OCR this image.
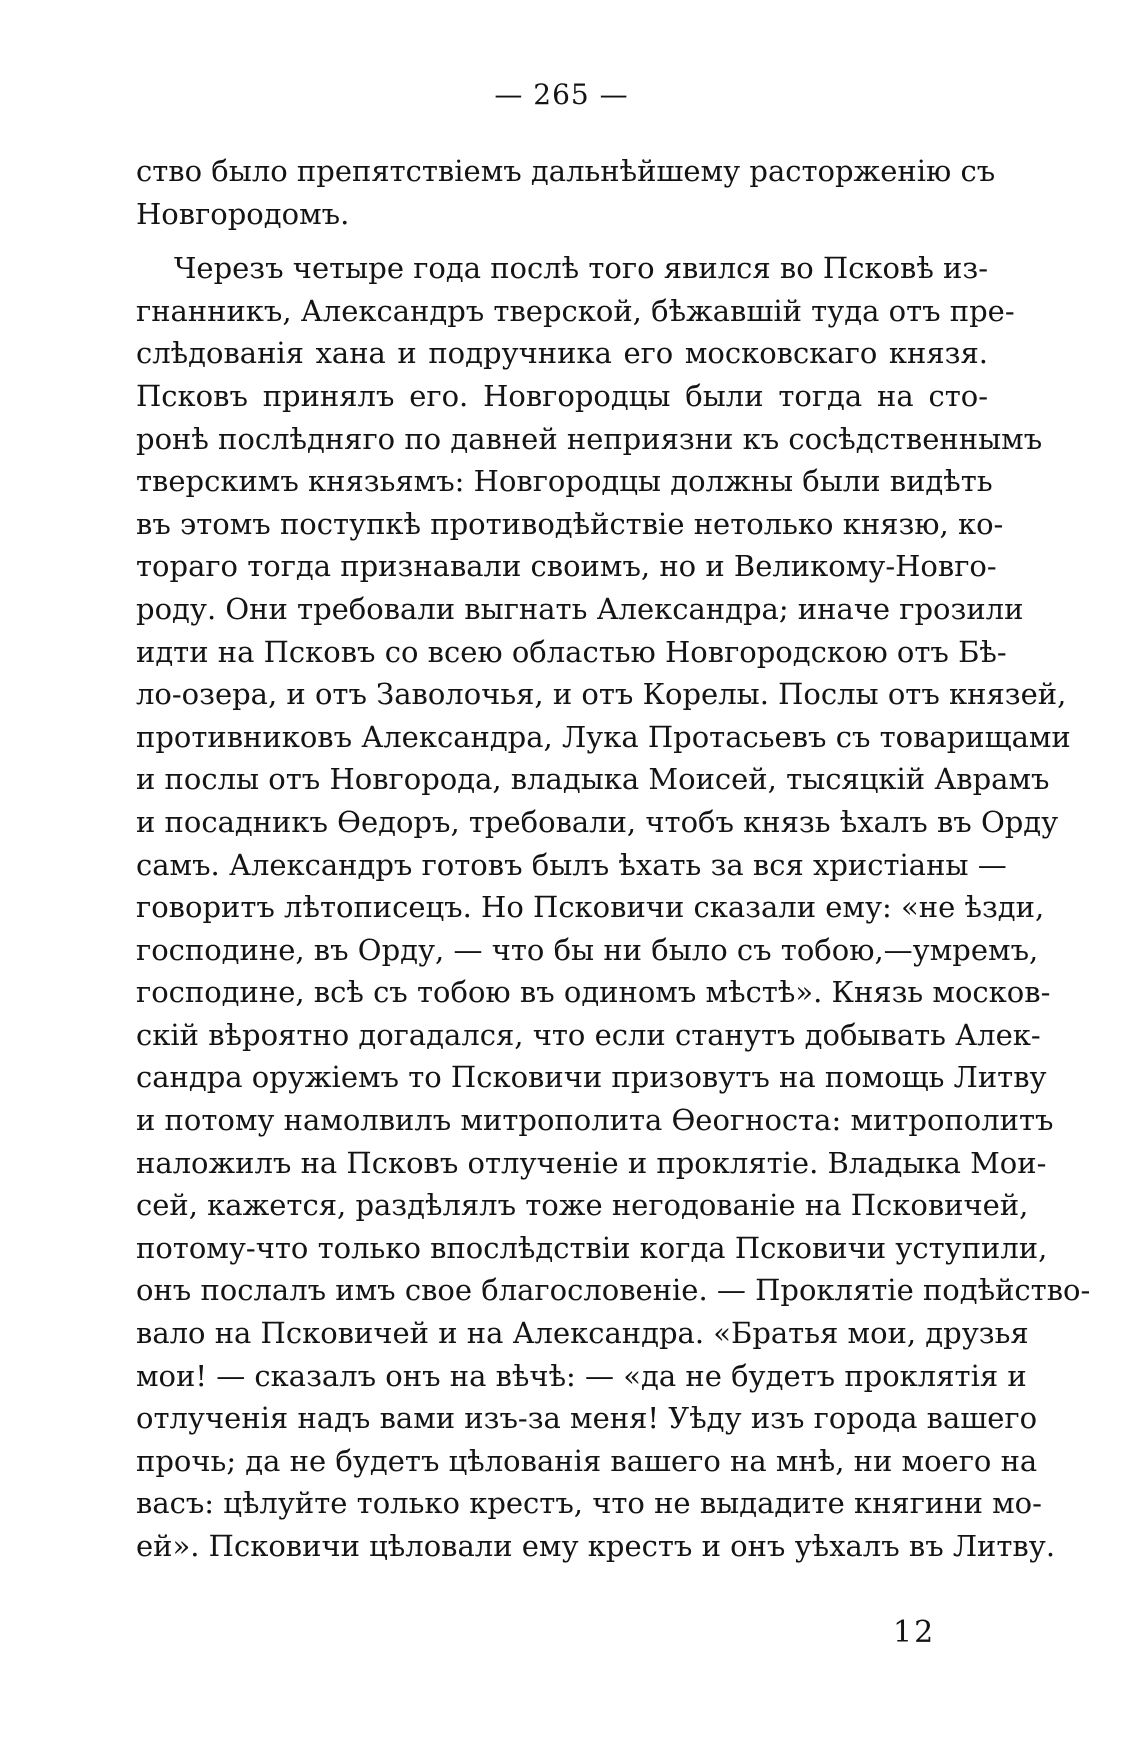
— 265 —
ство было препятствіемъ дальнѣйшему расторженію съ
Новгородомъ.
Черезъ четыре года послѣ того явился во Псковѣ из-
гнанникъ, Александръ тверской, бѣжавшій туда отъ пре-
слѣдованія хана и подручника его московскаго князя.
Псковъ принялъ его. Новгородцы были тогда на сто-
ронѣ послѣдняго по давней неприязни къ сосѣдственнымъ
тверскимъ князьямъ: Новгородцы должны были видѣть
въ этомъ поступкѣ противодѣйствіе нетолько князю, ко-
тораго тогда признавали своимъ, но и Великому-Новго-
роду. Они требовали выгнать Александра; иначе грозили
идти на Псковъ со всею областью Новгородскою отъ Бѣ-
ло-озера, и отъ Заволочья, и отъ Корелы. Послы отъ князей,
противниковъ Александра, Лука Протасьевъ съ товарищами
и послы отъ Новгорода, владыка Моисей, тысяцкій Аврамъ
и посадникъ Ѳедоръ, требовали, чтобъ князь ѣхалъ въ Орду
самъ. Александръ готовъ былъ ѣхать за вся христіаны —
говоритъ лѣтописецъ. Но Псковичи сказали ему: «не ѣзди,
господине, въ Орду, — что бы ни было съ тобою,—умремъ,
господине, всѣ съ тобою въ одиномъ мѣстѣ». Князь москов-
скій вѣроятно догадался, что если станутъ добывать Алек-
сандра оружіемъ то Псковичи призовутъ на помощь Литву
и потому намолвилъ митрополита Ѳеогноста: митрополитъ
наложилъ на Псковъ отлученіе и проклятіе. Владыка Мои-
сей, кажется, раздѣлялъ тоже негодованіе на Псковичей,
потому-что только впослѣдствіи когда Псковичи уступили,
онъ послалъ имъ свое благословеніе. — Проклятіе подѣйство-
вало на Псковичей и на Александра. «Братья мои, друзья
мои! — сказалъ онъ на вѣчѣ: — «да не будетъ проклятія и
отлученія надъ вами изъ-за меня! Уѣду изъ города вашего
прочь; да не будетъ цѣлованія вашего на мнѣ, ни моего на
васъ: цѣлуйте только крестъ, что не выдадите княгини мо-
ей». Псковичи цѣловали ему крестъ и онъ уѣхалъ въ Литву.
12
